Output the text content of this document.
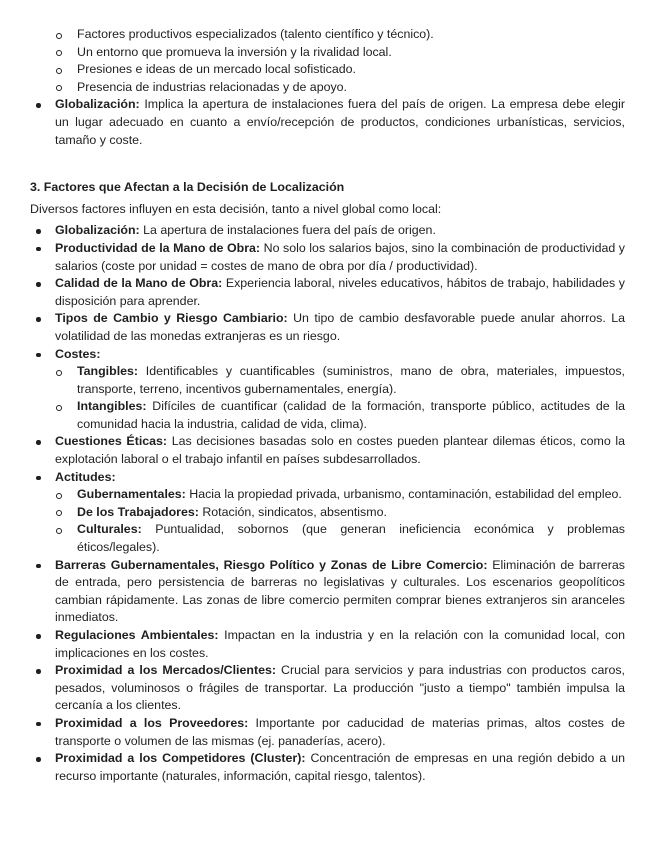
Factores productivos especializados (talento científico y técnico).
Un entorno que promueva la inversión y la rivalidad local.
Presiones e ideas de un mercado local sofisticado.
Presencia de industrias relacionadas y de apoyo.
Globalización: Implica la apertura de instalaciones fuera del país de origen. La empresa debe elegir un lugar adecuado en cuanto a envío/recepción de productos, condiciones urbanísticas, servicios, tamaño y coste.
3. Factores que Afectan a la Decisión de Localización

Diversos factores influyen en esta decisión, tanto a nivel global como local:

Globalización: La apertura de instalaciones fuera del país de origen.
Productividad de la Mano de Obra: No solo los salarios bajos, sino la combinación de productividad y salarios (coste por unidad = costes de mano de obra por día / productividad).
Calidad de la Mano de Obra: Experiencia laboral, niveles educativos, hábitos de trabajo, habilidades y disposición para aprender.
Tipos de Cambio y Riesgo Cambiario: Un tipo de cambio desfavorable puede anular ahorros. La volatilidad de las monedas extranjeras es un riesgo.
Costes:
Tangibles: Identificables y cuantificables (suministros, mano de obra, materiales, impuestos, transporte, terreno, incentivos gubernamentales, energía).
Intangibles: Difíciles de cuantificar (calidad de la formación, transporte público, actitudes de la comunidad hacia la industria, calidad de vida, clima).
Cuestiones Éticas: Las decisiones basadas solo en costes pueden plantear dilemas éticos, como la explotación laboral o el trabajo infantil en países subdesarrollados.
Actitudes:
Gubernamentales: Hacia la propiedad privada, urbanismo, contaminación, estabilidad del empleo.
De los Trabajadores: Rotación, sindicatos, absentismo.
Culturales: Puntualidad, sobornos (que generan ineficiencia económica y problemas éticos/legales).
Barreras Gubernamentales, Riesgo Político y Zonas de Libre Comercio: Eliminación de barreras de entrada, pero persistencia de barreras no legislativas y culturales. Los escenarios geopolíticos cambian rápidamente. Las zonas de libre comercio permiten comprar bienes extranjeros sin aranceles inmediatos.
Regulaciones Ambientales: Impactan en la industria y en la relación con la comunidad local, con implicaciones en los costes.
Proximidad a los Mercados/Clientes: Crucial para servicios y para industrias con productos caros, pesados, voluminosos o frágiles de transportar. La producción "justo a tiempo" también impulsa la cercanía a los clientes.
Proximidad a los Proveedores: Importante por caducidad de materias primas, altos costes de transporte o volumen de las mismas (ej. panaderías, acero).
Proximidad a los Competidores (Cluster): Concentración de empresas en una región debido a un recurso importante (naturales, información, capital riesgo, talentos).
